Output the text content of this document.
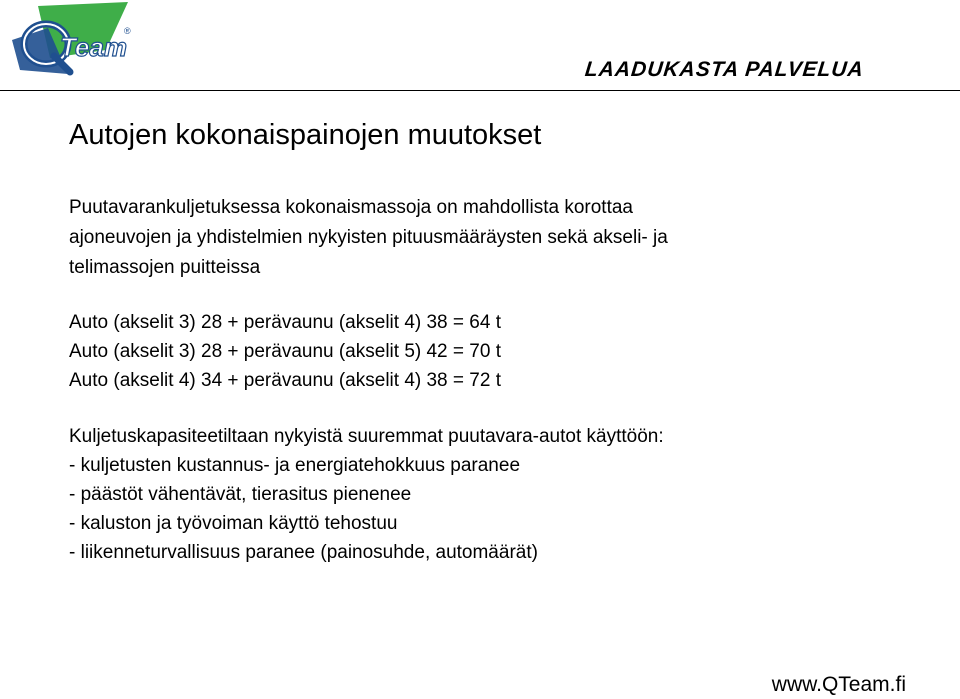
Team
®
LAADUKASTA PALVELUA
Autojen kokonaispainojen muutokset
Puutavarankuljetuksessa kokonaismassoja on mahdollista korottaa
ajoneuvojen ja yhdistelmien nykyisten pituusmääräysten sekä akseli- ja
telimassojen puitteissa
Auto (akselit 3) 28 + perävaunu (akselit 4) 38 = 64 t
Auto (akselit 3) 28 + perävaunu (akselit 5) 42 = 70 t
Auto (akselit 4) 34 + perävaunu (akselit 4) 38 = 72 t
Kuljetuskapasiteetiltaan nykyistä suuremmat puutavara-autot käyttöön:
- kuljetusten kustannus- ja energiatehokkuus paranee
- päästöt vähentävät, tierasitus pienenee
- kaluston ja työvoiman käyttö tehostuu
- liikenneturvallisuus paranee (painosuhde, automäärät)
www.QTeam.fi
